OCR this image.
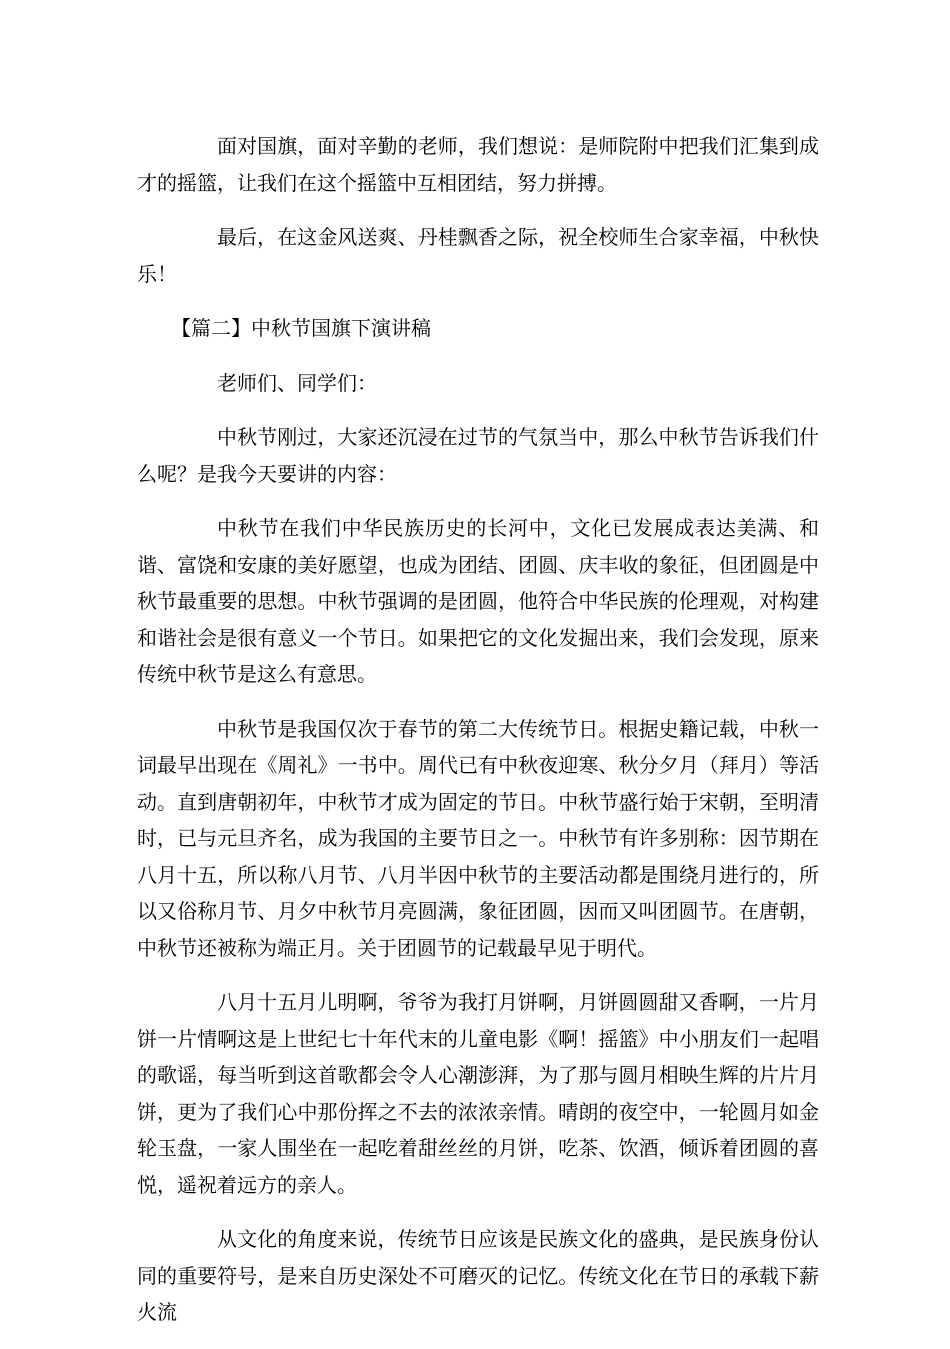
面对国旗，面对辛勤的老师，我们想说：是师院附中把我们汇集到成才的摇篮，让我们在这个摇篮中互相团结，努力拼搏。

最后，在这金风送爽、丹桂飘香之际，祝全校师生合家幸福，中秋快乐！

【篇二】中秋节国旗下演讲稿

老师们、同学们：

中秋节刚过，大家还沉浸在过节的气氛当中，那么中秋节告诉我们什么呢？是我今天要讲的内容：

中秋节在我们中华民族历史的长河中，文化已发展成表达美满、和谐、富饶和安康的美好愿望，也成为团结、团圆、庆丰收的象征，但团圆是中秋节最重要的思想。中秋节强调的是团圆，他符合中华民族的伦理观，对构建和谐社会是很有意义一个节日。如果把它的文化发掘出来，我们会发现，原来传统中秋节是这么有意思。

中秋节是我国仅次于春节的第二大传统节日。根据史籍记载，中秋一词最早出现在《周礼》一书中。周代已有中秋夜迎寒、秋分夕月（拜月）等活动。直到唐朝初年，中秋节才成为固定的节日。中秋节盛行始于宋朝，至明清时，已与元旦齐名，成为我国的主要节日之一。中秋节有许多别称：因节期在八月十五，所以称八月节、八月半因中秋节的主要活动都是围绕月进行的，所以又俗称月节、月夕中秋节月亮圆满，象征团圆，因而又叫团圆节。在唐朝，中秋节还被称为端正月。关于团圆节的记载最早见于明代。

八月十五月儿明啊，爷爷为我打月饼啊，月饼圆圆甜又香啊，一片月饼一片情啊这是上世纪七十年代末的儿童电影《啊！摇篮》中小朋友们一起唱的歌谣，每当听到这首歌都会令人心潮澎湃，为了那与圆月相映生辉的片片月饼，更为了我们心中那份挥之不去的浓浓亲情。晴朗的夜空中，一轮圆月如金轮玉盘，一家人围坐在一起吃着甜丝丝的月饼，吃茶、饮酒，倾诉着团圆的喜悦，遥祝着远方的亲人。

从文化的角度来说，传统节日应该是民族文化的盛典，是民族身份认同的重要符号，是来自历史深处不可磨灭的记忆。传统文化在节日的承载下薪火流
